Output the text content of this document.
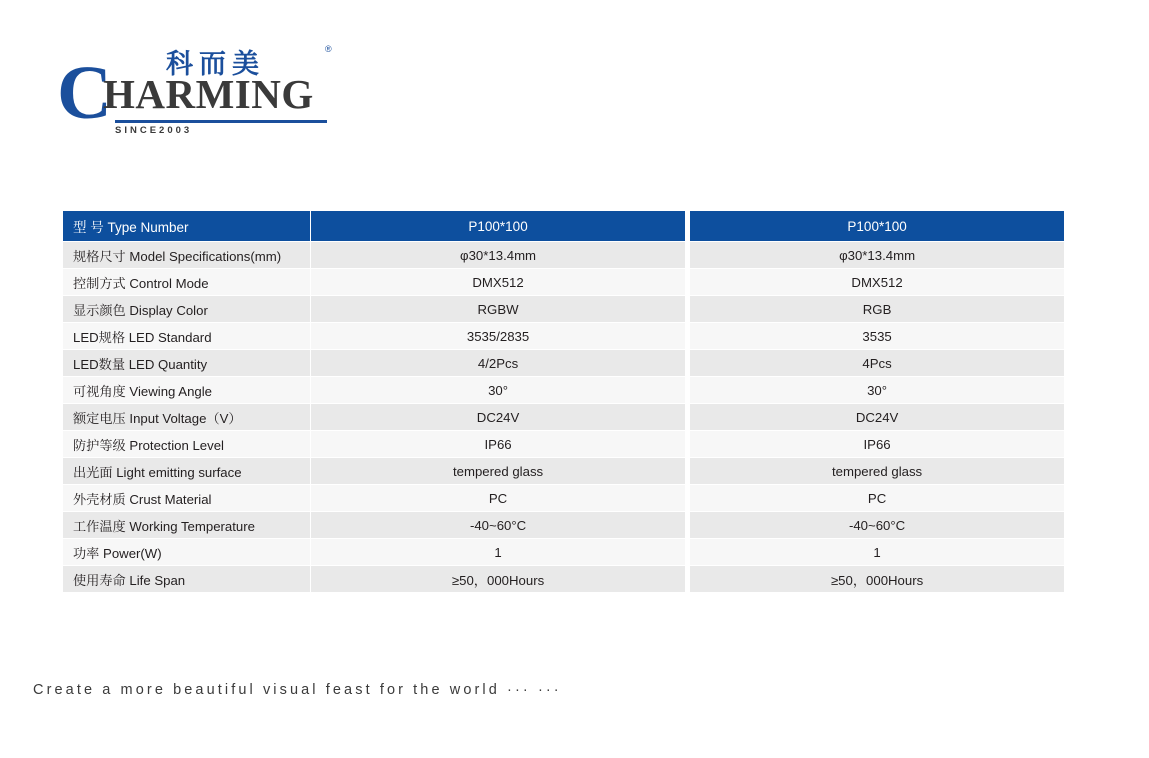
科而美	®
C
HARMING
SINCE2003
型 号 Type Number	P100*100		P100*100
规格尺寸 Model Specifications(mm)	φ30*13.4mm		φ30*13.4mm
控制方式 Control Mode	DMX512		DMX512
显示颜色 Display Color	RGBW		RGB
LED规格 LED Standard	3535/2835		3535
LED数量 LED Quantity	4/2Pcs		4Pcs
可视角度 Viewing Angle	30°		30°
额定电压 Input Voltage（V）	DC24V		DC24V
防护等级 Protection Level	IP66		IP66
出光面 Light emitting surface	tempered glass		tempered glass
外壳材质 Crust Material	PC		PC
工作温度 Working Temperature	-40~60°C		-40~60°C
功率 Power(W)	1		1
使用寿命 Life Span	≥50，000Hours		≥50，000Hours
Create a more beautiful visual feast for the world ··· ···
